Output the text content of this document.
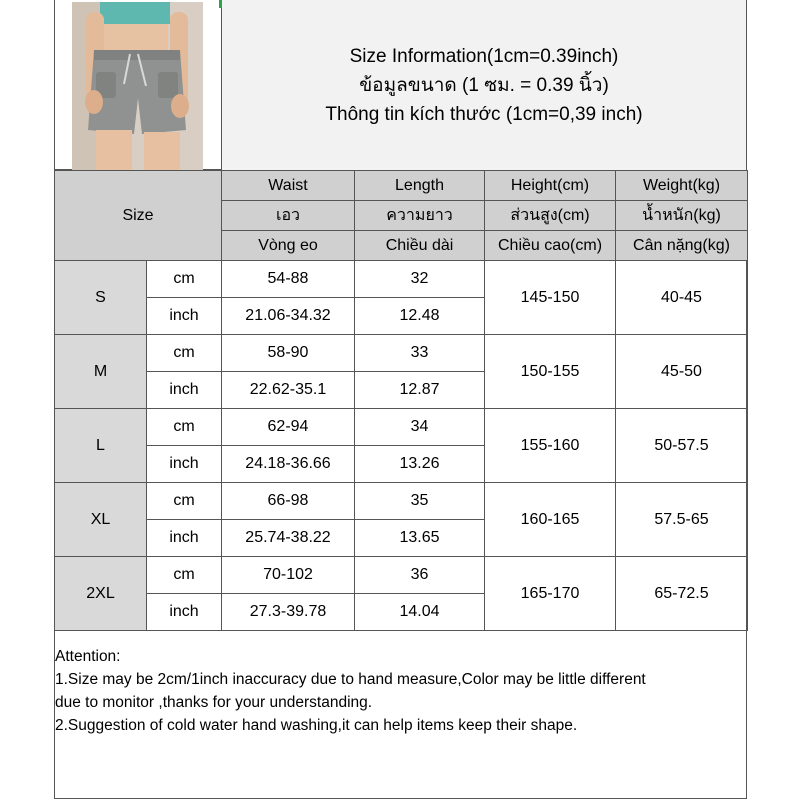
Size Information(1cm=0.39inch)
ข้อมูลขนาด (1 ซม. = 0.39 นิ้ว)
Thông tin kích thước (1cm=0,39 inch)
Size		Waist	Length	Height(cm)	Weight(kg)
		เอว	ความยาว	ส่วนสูง(cm)	น้ำหนัก(kg)
		Vòng eo	Chiều dài	Chiều cao(cm)	Cân nặng(kg)
S	cm	54-88	32	145-150	40-45
	inch	21.06-34.32	12.48		
M	cm	58-90	33	150-155	45-50
	inch	22.62-35.1	12.87		
L	cm	62-94	34	155-160	50-57.5
	inch	24.18-36.66	13.26		
XL	cm	66-98	35	160-165	57.5-65
	inch	25.74-38.22	13.65		
2XL	cm	70-102	36	165-170	65-72.5
	inch	27.3-39.78	14.04		
Attention:
1.Size may be 2cm/1inch inaccuracy due to hand measure,Color may be little different
due to monitor ,thanks for your understanding.
2.Suggestion of cold water hand washing,it can help items keep their shape.
